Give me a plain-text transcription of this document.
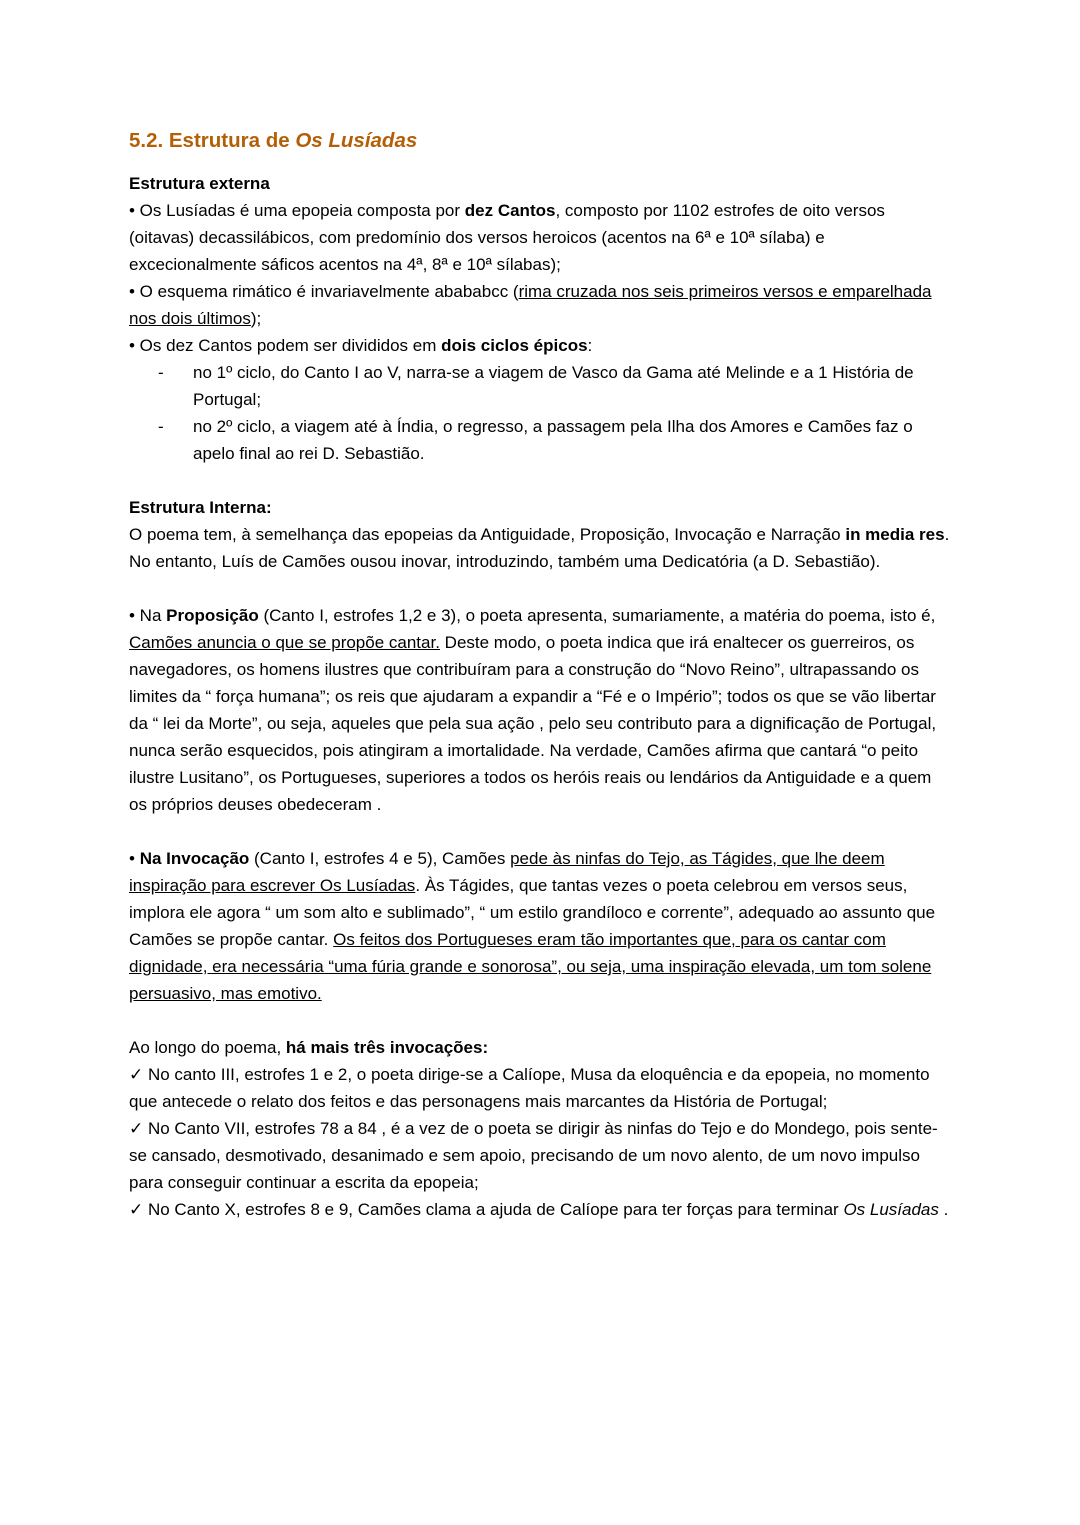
5.2. Estrutura de Os Lusíadas
Estrutura externa
• Os Lusíadas é uma epopeia composta por dez Cantos, composto por 1102 estrofes de oito versos (oitavas) decassilábicos, com predomínio dos versos heroicos (acentos na 6ª e 10ª sílaba) e excecionalmente sáficos acentos na 4ª, 8ª e 10ª sílabas);
• O esquema rimático é invariavelmente abababcc (rima cruzada nos seis primeiros versos e emparelhada nos dois últimos);
• Os dez Cantos podem ser divididos em dois ciclos épicos:
- no 1º ciclo, do Canto I ao V, narra-se a viagem de Vasco da Gama até Melinde e a 1 História de Portugal;
- no 2º ciclo, a viagem até à Índia, o regresso, a passagem pela Ilha dos Amores e Camões faz o apelo final ao rei D. Sebastião.
Estrutura Interna:
O poema tem, à semelhança das epopeias da Antiguidade, Proposição, Invocação e Narração in media res. No entanto, Luís de Camões ousou inovar, introduzindo, também uma Dedicatória (a D. Sebastião).
• Na Proposição (Canto I, estrofes 1,2 e 3), o poeta apresenta, sumariamente, a matéria do poema, isto é, Camões anuncia o que se propõe cantar. Deste modo, o poeta indica que irá enaltecer os guerreiros, os navegadores, os homens ilustres que contribuíram para a construção do “Novo Reino”, ultrapassando os limites da “ força humana”; os reis que ajudaram a expandir a “Fé e o Império”; todos os que se vão libertar da “ lei da Morte”, ou seja, aqueles que pela sua ação , pelo seu contributo para a dignificação de Portugal, nunca serão esquecidos, pois atingiram a imortalidade. Na verdade, Camões afirma que cantará “o peito ilustre Lusitano”, os Portugueses, superiores a todos os heróis reais ou lendários da Antiguidade e a quem os próprios deuses obedeceram .
• Na Invocação (Canto I, estrofes 4 e 5), Camões pede às ninfas do Tejo, as Tágides, que lhe deem inspiração para escrever Os Lusíadas. Às Tágides, que tantas vezes o poeta celebrou em versos seus, implora ele agora “ um som alto e sublimado”, “ um estilo grandíloco e corrente”, adequado ao assunto que Camões se propõe cantar. Os feitos dos Portugueses eram tão importantes que, para os cantar com dignidade, era necessária “uma fúria grande e sonorosa”, ou seja, uma inspiração elevada, um tom solene persuasivo, mas emotivo.
Ao longo do poema, há mais três invocações:
✓ No canto III, estrofes 1 e 2, o poeta dirige-se a Calíope, Musa da eloquência e da epopeia, no momento que antecede o relato dos feitos e das personagens mais marcantes da História de Portugal;
✓ No Canto VII, estrofes 78 a 84 , é a vez de o poeta se dirigir às ninfas do Tejo e do Mondego, pois sente-se cansado, desmotivado, desanimado e sem apoio, precisando de um novo alento, de um novo impulso para conseguir continuar a escrita da epopeia;
✓ No Canto X, estrofes 8 e 9, Camões clama a ajuda de Calíope para ter forças para terminar Os Lusíadas .
